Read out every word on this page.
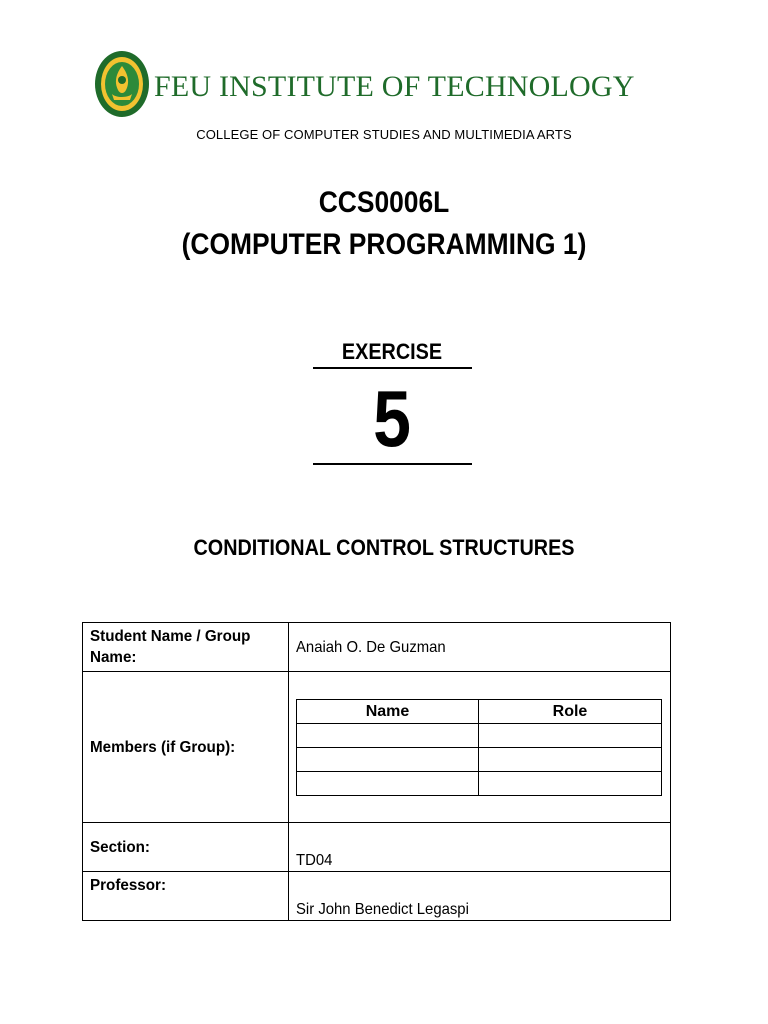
FEU INSTITUTE OF TECHNOLOGY
COLLEGE OF COMPUTER STUDIES AND MULTIMEDIA ARTS
CCS0006L
(COMPUTER PROGRAMMING 1)
EXERCISE
5
CONDITIONAL CONTROL STRUCTURES
Student Name / Group
Name:	Anaiah O. De Guzman
Members (if Group):	
Name	Role

Section:	TD04
Professor:	Sir John Benedict Legaspi
